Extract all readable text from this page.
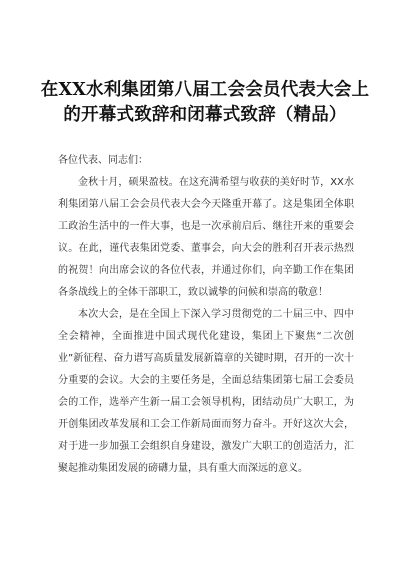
在XX水利集团第八届工会会员代表大会上的开幕式致辞和闭幕式致辞（精品）

各位代表、同志们：

金秋十月，硕果盈枝。在这充满希望与收获的美好时节，XX水利集团第八届工会会员代表大会今天隆重开幕了。这是集团全体职工政治生活中的一件大事，也是一次承前启后、继往开来的重要会议。在此，谨代表集团党委、董事会，向大会的胜利召开表示热烈的祝贺！向出席会议的各位代表，并通过你们，向辛勤工作在集团各条战线上的全体干部职工，致以诚挚的问候和崇高的敬意！

本次大会，是在全国上下深入学习贯彻党的二十届三中、四中全会精神，全面推进中国式现代化建设，集团上下聚焦“二次创业”新征程、奋力谱写高质量发展新篇章的关键时期，召开的一次十分重要的会议。大会的主要任务是，全面总结集团第七届工会委员会的工作，选举产生新一届工会领导机构，团结动员广大职工，为开创集团改革发展和工会工作新局面而努力奋斗。开好这次大会，对于进一步加强工会组织自身建设，激发广大职工的创造活力，汇聚起推动集团发展的磅礴力量，具有重大而深远的意义。
